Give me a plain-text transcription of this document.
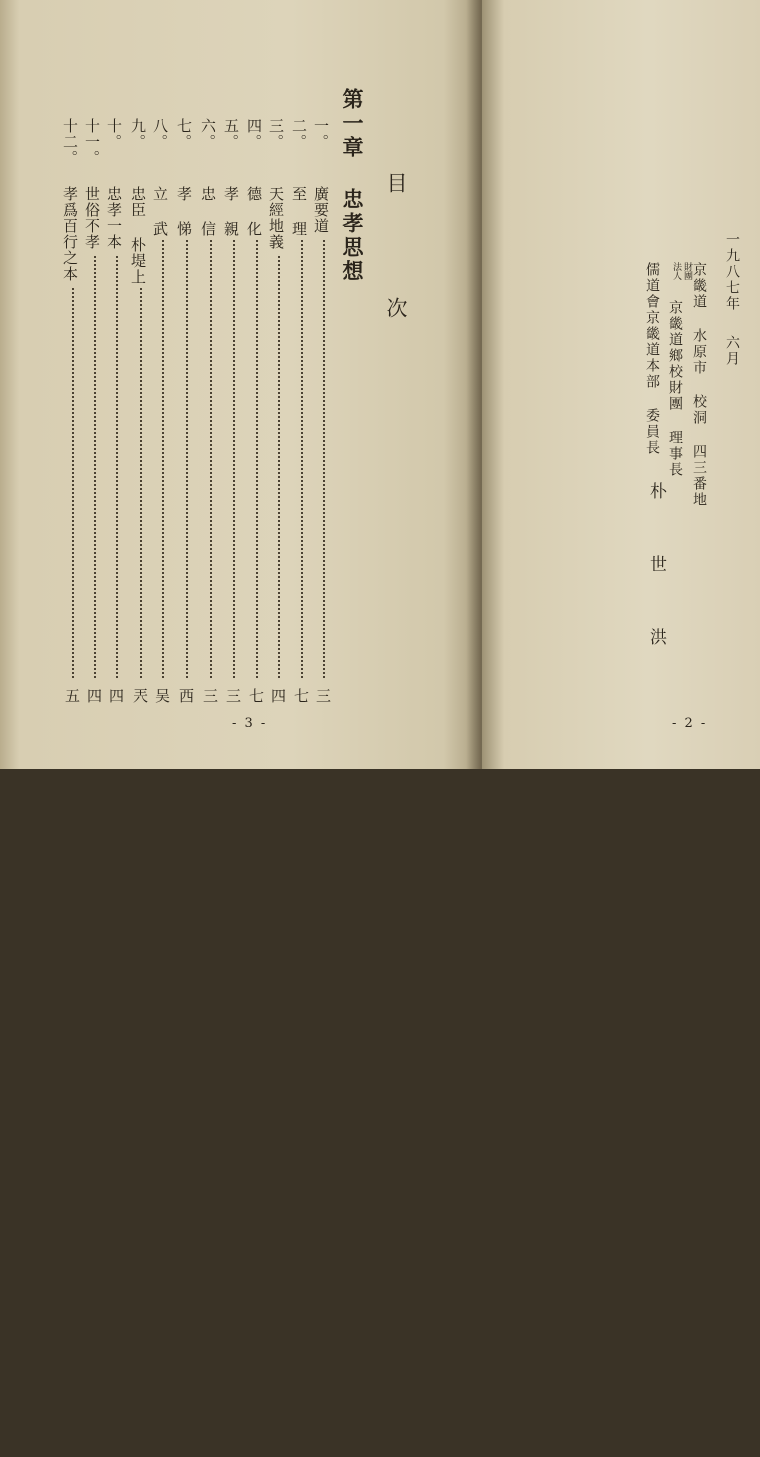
目 次
第一章 忠孝思想
一。
廣要道
三
二。
至 理
七
三。
天經地義
四
四。
德 化
七
五。
孝 親
三
六。
忠 信
三
七。
孝 悌
西
八。
立 武
吴
九。
忠臣 朴堤上
兲
十。
忠孝一本
四
十一。
世俗不孝
四
十二。
孝爲百行之本
五
- 3 -
一九八七年
六月
京畿道 水原市 校洞 四三番地
財團
法人
京畿道鄉校財團 理事長
儒道會京畿道本部 委員長
朴 世 洪
- 2 -
